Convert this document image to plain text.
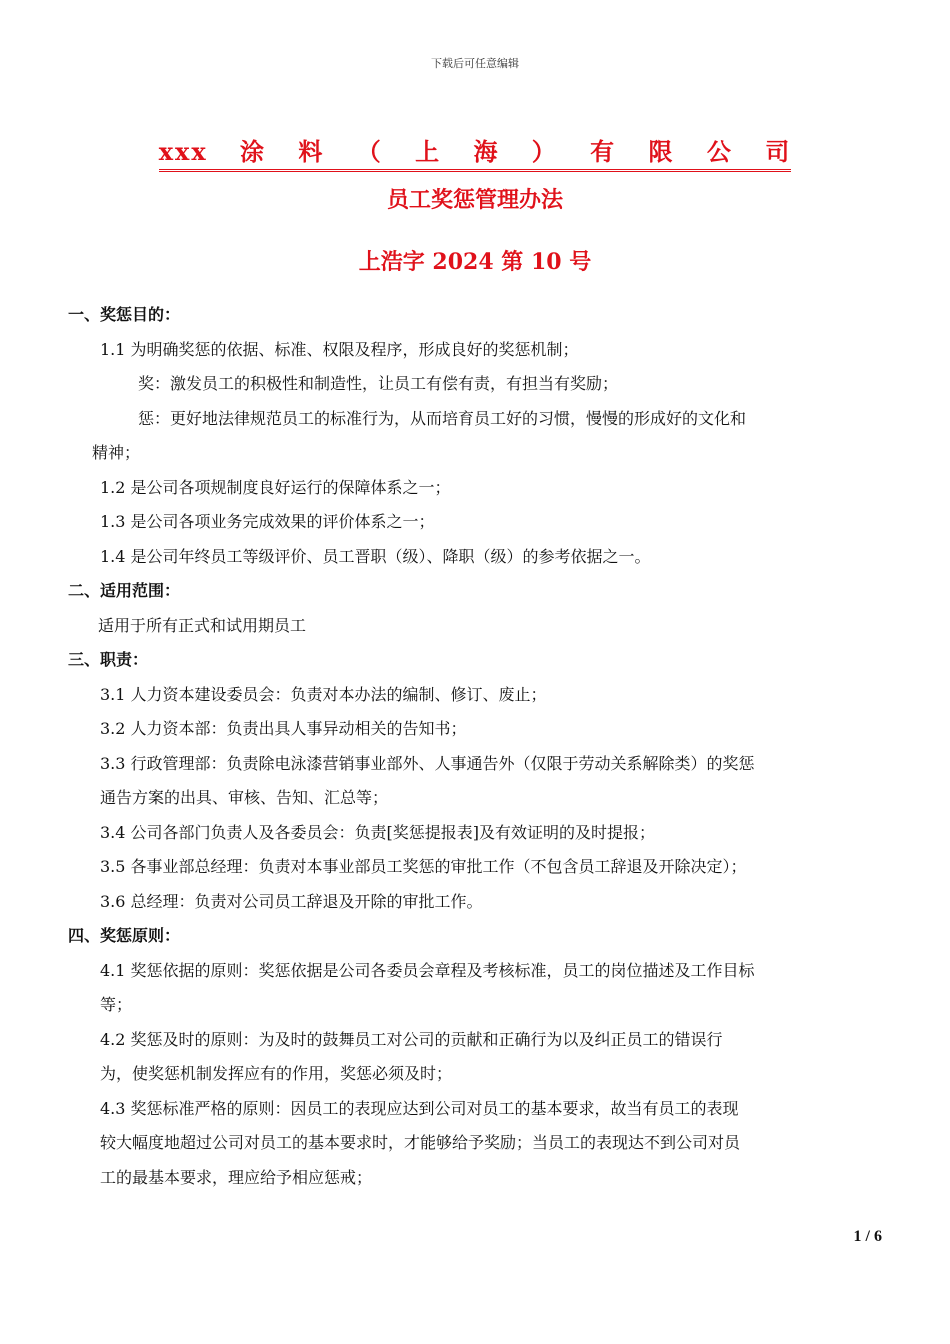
下载后可任意编辑
xxx 涂 料 （ 上 海 ） 有 限 公 司
员工奖惩管理办法
上浩字 2024 第 10 号

一、奖惩目的：

1.1 为明确奖惩的依据、标准、权限及程序，形成良好的奖惩机制；

奖：激发员工的积极性和制造性，让员工有偿有责，有担当有奖励；

惩：更好地法律规范员工的标准行为，从而培育员工好的习惯，慢慢的形成好的文化和

精神；

1.2 是公司各项规制度良好运行的保障体系之一；

1.3 是公司各项业务完成效果的评价体系之一；

1.4 是公司年终员工等级评价、员工晋职（级）、降职（级）的参考依据之一。

二、适用范围：

适用于所有正式和试用期员工

三、职责：

3.1 人力资本建设委员会：负责对本办法的编制、修订、废止；

3.2 人力资本部：负责出具人事异动相关的告知书；

3.3 行政管理部：负责除电泳漆营销事业部外、人事通告外（仅限于劳动关系解除类）的奖惩

通告方案的出具、审核、告知、汇总等；

3.4 公司各部门负责人及各委员会：负责[奖惩提报表]及有效证明的及时提报；

3.5 各事业部总经理：负责对本事业部员工奖惩的审批工作（不包含员工辞退及开除决定）；

3.6 总经理：负责对公司员工辞退及开除的审批工作。

四、奖惩原则：

4.1 奖惩依据的原则：奖惩依据是公司各委员会章程及考核标准，员工的岗位描述及工作目标

等；

4.2 奖惩及时的原则：为及时的鼓舞员工对公司的贡献和正确行为以及纠正员工的错误行

为，使奖惩机制发挥应有的作用，奖惩必须及时；

4.3 奖惩标准严格的原则：因员工的表现应达到公司对员工的基本要求，故当有员工的表现

较大幅度地超过公司对员工的基本要求时，才能够给予奖励；当员工的表现达不到公司对员

工的最基本要求，理应给予相应惩戒；

1 / 6
